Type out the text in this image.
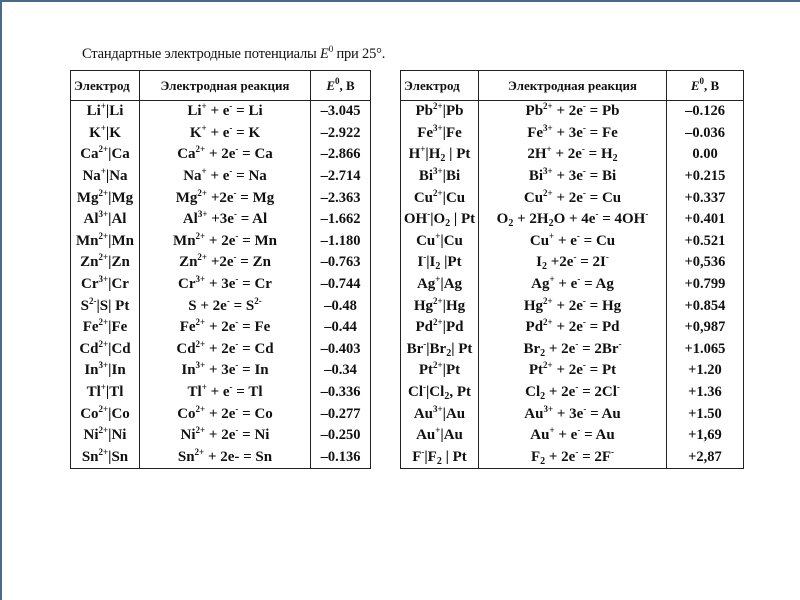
Стандартные электродные потенциалы $E^0$ при 25°.
Электрод	Электродная реакция	$E^0$, В
Li+|Li	Li+ + e- = Li	–3.045
K+|K	K+ + e- = K	–2.922
$Ca^{2+}|Ca$	$Ca^{2+} + 2e^- = Ca$	–2.866
Na+|Na	Na+ + e- = Na	–2.714
$Mg^{2+}|Mg$	$Mg^{2+} +2e^- = Mg$	–2.363
$Al^{3+}|Al$	$Al^{3+} +3e^- = Al$	–1.662
$Mn^{2+}|Mn$	$Mn^{2+} + 2e^- = Mn$	–1.180
$Zn^{2+}|Zn$	$Zn^{2+} +2e^- = Zn$	–0.763
$Cr^{3+}|Cr$	$Cr^{3+} + 3e^- = Cr$	–0.744
$S^{2-}|S|$ Pt	$S + 2e^- = S^{2-}$	–0.48
$Fe^{2+}|Fe$	$Fe^{2+} + 2e^- = Fe$	–0.44
$Cd^{2+}|Cd$	$Cd^{2+} + 2e^- = Cd$	–0.403
$In^{3+}|In$	$In^{3+} + 3e^- = In$	–0.34
Tl+|Tl	Tl+ + e- = Tl	–0.336
$Co^{2+}|Co$	$Co^{2+} + 2e^- = Co$	–0.277
$Ni^{2+}|Ni$	$Ni^{2+} + 2e^- = Ni$	–0.250
$Sn^{2+}|Sn$	$Sn^{2+} + 2e- = Sn$	–0.136
Электрод	Электродная реакция	$E^0$, В
$Pb^{2+}|Pb$	$Pb^{2+} + 2e^- = Pb$	–0.126
$Fe^{3+}|Fe$	$Fe^{3+} + 3e^- = Fe$	–0.036
$H^+|H_2$ | Pt	$2H^+ + 2e^- = H_2$	0.00
$Bi^{3+}|Bi$	$Bi^{3+} + 3e^- = Bi$	+0.215
$Cu^{2+}|Cu$	$Cu^{2+} + 2e^- = Cu$	+0.337
$OH^-|O_2$ | Pt	$O_2 + 2H_2O + 4e^- = 4OH^-$	+0.401
Cu+|Cu	Cu+ + e- = Cu	+0.521
$I^-|I_2$ |Pt	$I_2 +2e^- = 2I^-$	+0,536
Ag+|Ag	Ag+ + e- = Ag	+0.799
$Hg^{2+}|Hg$	$Hg^{2+} + 2e^- = Hg$	+0.854
$Pd^{2+}|Pd$	$Pd^{2+} + 2e^- = Pd$	+0,987
$Br^-|Br_2|$ Pt	$Br_2 + 2e^- = 2Br^-$	+1.065
$Pt^{2+}|Pt$	$Pt^{2+} + 2e^- = Pt$	+1.20
$Cl^-|Cl_2$, Pt	$Cl_2 + 2e^- = 2Cl^-$	+1.36
$Au^{3+}|Au$	$Au^{3+} + 3e^- = Au$	+1.50
Au+|Au	Au+ + e- = Au	+1,69
$F^-|F_2$ | Pt	$F_2 + 2e^- = 2F^-$	+2,87
